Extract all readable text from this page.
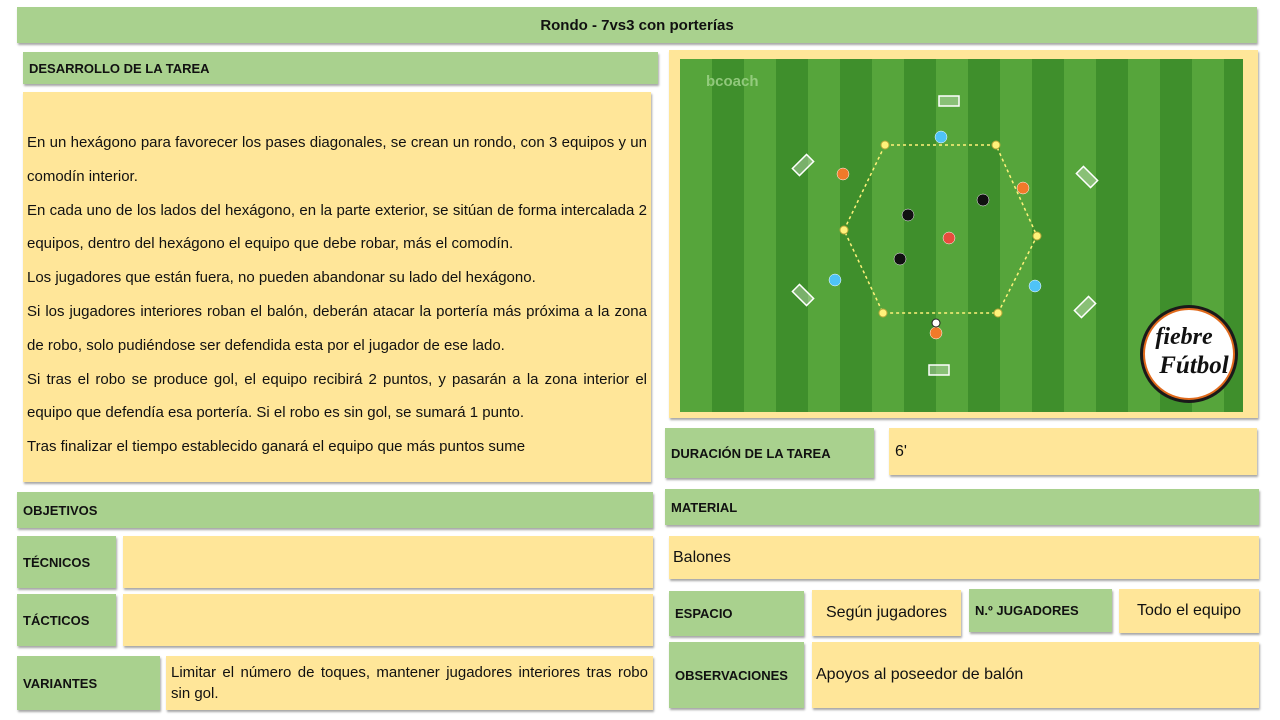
Rondo - 7vs3 con porterías
DESARROLLO DE LA TAREA

En un hexágono para favorecer los pases diagonales, se crean un rondo, con 3 equipos y un comodín interior.

En cada uno de los lados del hexágono, en la parte exterior, se sitúan de forma intercalada 2 equipos, dentro del hexágono el equipo que debe robar, más el comodín.

Los jugadores que están fuera, no pueden abandonar su lado del hexágono.

Si los jugadores interiores roban el balón, deberán atacar la portería más próxima a la zona de robo, solo pudiéndose ser defendida esta por el jugador de ese lado.

Si tras el robo se produce gol, el equipo recibirá 2 puntos, y pasarán a la zona interior el equipo que defendía esa portería. Si el robo es sin gol, se sumará 1 punto.

Tras finalizar el tiempo establecido ganará el equipo que más puntos sume

bcoach
fiebre
Fútbol
DURACIÓN DE LA TAREA	6'
OBJETIVOS
TÉCNICOS
TÁCTICOS
VARIANTES
Limitar el número de toques, mantener jugadores interiores tras robo sin gol.
MATERIAL
Balones
ESPACIO	Según jugadores	N.º JUGADORES	Todo el equipo
OBSERVACIONES	Apoyos al poseedor de balón
